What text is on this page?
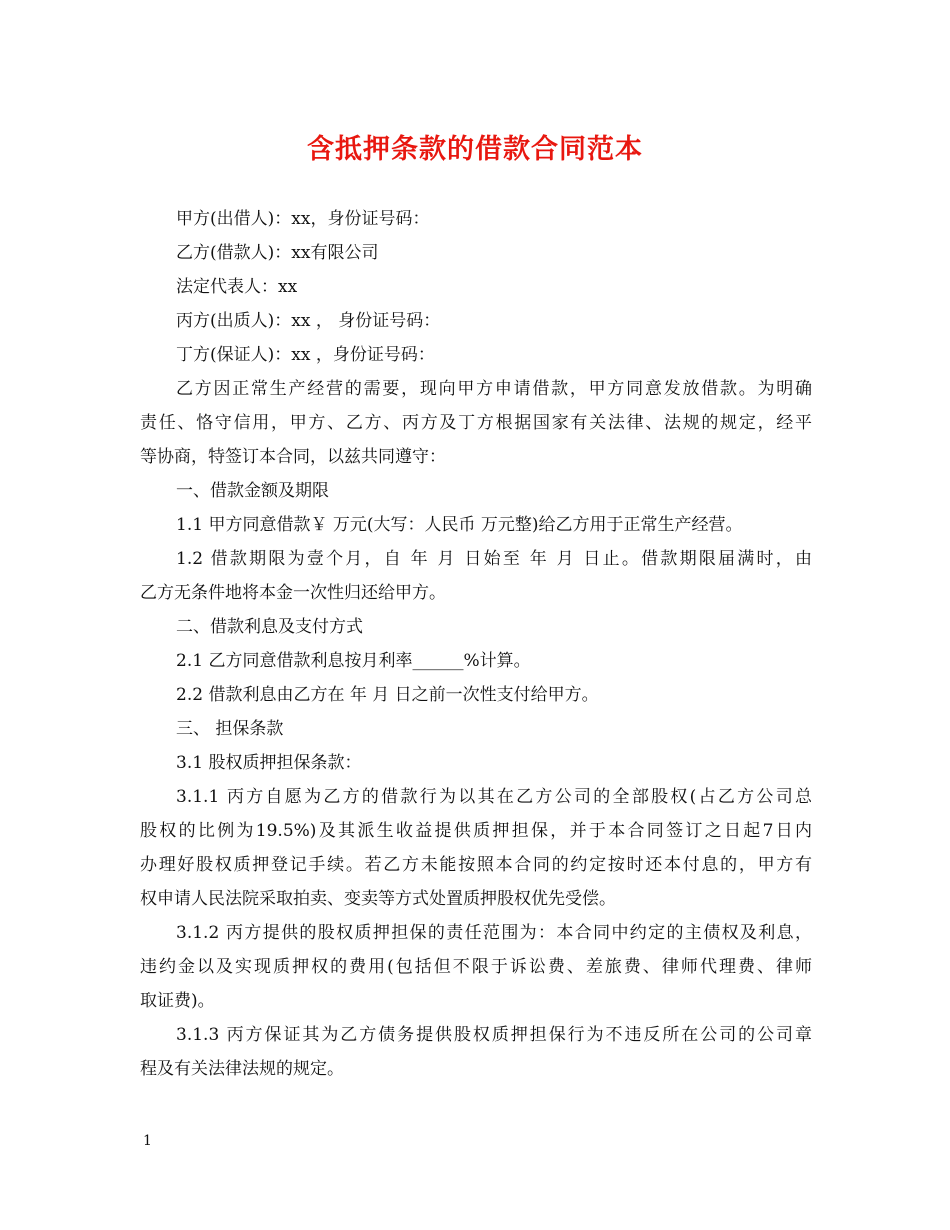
含抵押条款的借款合同范本
甲方(出借人)：xx，身份证号码：
乙方(借款人)：xx有限公司
法定代表人：xx
丙方(出质人)：xx ， 身份证号码：
丁方(保证人)：xx ，身份证号码：
乙方因正常生产经营的需要，现向甲方申请借款，甲方同意发放借款。为明确
责任、恪守信用，甲方、乙方、丙方及丁方根据国家有关法律、法规的规定，经平
等协商，特签订本合同，以兹共同遵守：
一、借款金额及期限
1.1 甲方同意借款￥ 万元(大写：人民币 万元整)给乙方用于正常生产经营。
1.2 借款期限为壹个月，自 年 月 日始至 年 月 日止。借款期限届满时，由
乙方无条件地将本金一次性归还给甲方。
二、借款利息及支付方式
2.1 乙方同意借款利息按月利率______%计算。
2.2 借款利息由乙方在 年 月 日之前一次性支付给甲方。
三、 担保条款
3.1 股权质押担保条款：
3.1.1 丙方自愿为乙方的借款行为以其在乙方公司的全部股权(占乙方公司总
股权的比例为19.5%)及其派生收益提供质押担保，并于本合同签订之日起7日内
办理好股权质押登记手续。若乙方未能按照本合同的约定按时还本付息的，甲方有
权申请人民法院采取拍卖、变卖等方式处置质押股权优先受偿。
3.1.2 丙方提供的股权质押担保的责任范围为：本合同中约定的主债权及利息，
违约金以及实现质押权的费用(包括但不限于诉讼费、差旅费、律师代理费、律师
取证费)。
3.1.3 丙方保证其为乙方债务提供股权质押担保行为不违反所在公司的公司章
程及有关法律法规的规定。
1
